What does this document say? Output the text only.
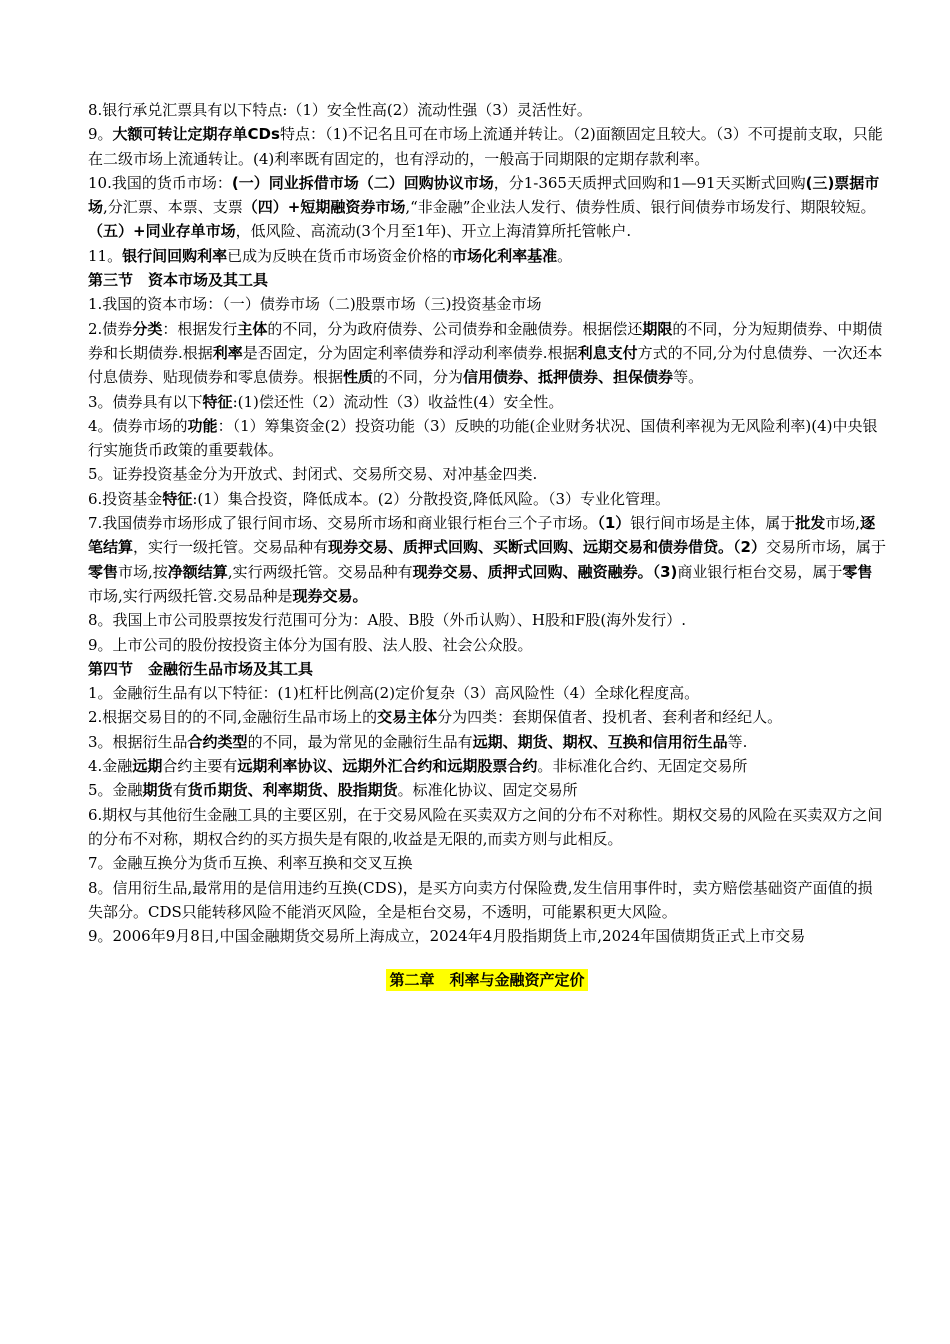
8.银行承兑汇票具有以下特点:（1）安全性高(2）流动性强（3）灵活性好。

9。大额可转让定期存单CDs特点：（1)不记名且可在市场上流通并转让。（2)面额固定且较大。（3）不可提前支取，只能在二级市场上流通转让。(4)利率既有固定的，也有浮动的，一般高于同期限的定期存款利率。

10.我国的货币市场：(一）同业拆借市场（二）回购协议市场，分1-365天质押式回购和1—91天买断式回购(三)票据市场,分汇票、本票、支票（四）+短期融资券市场,“非金融”企业法人发行、债券性质、银行间债券市场发行、期限较短。（五）+同业存单市场，低风险、高流动(3个月至1年)、开立上海清算所托管帐户.

11。银行间回购利率已成为反映在货币市场资金价格的市场化利率基准。

第三节　资本市场及其工具

1.我国的资本市场：（一）债券市场（二)股票市场（三)投资基金市场

2.债券分类：根据发行主体的不同，分为政府债券、公司债券和金融债券。根据偿还期限的不同，分为短期债券、中期债券和长期债券.根据利率是否固定，分为固定利率债券和浮动利率债券.根据利息支付方式的不同,分为付息债券、一次还本付息债券、贴现债券和零息债券。根据性质的不同，分为信用债券、抵押债券、担保债券等。

3。债券具有以下特征:(1)偿还性（2）流动性（3）收益性(4）安全性。

4。债券市场的功能：（1）筹集资金(2）投资功能（3）反映的功能(企业财务状况、国债利率视为无风险利率)(4)中央银行实施货币政策的重要载体。

5。证券投资基金分为开放式、封闭式、交易所交易、对冲基金四类.

6.投资基金特征:(1）集合投资，降低成本。(2）分散投资,降低风险。（3）专业化管理。

7.我国债券市场形成了银行间市场、交易所市场和商业银行柜台三个子市场。（1）银行间市场是主体，属于批发市场,逐笔结算，实行一级托管。交易品种有现券交易、质押式回购、买断式回购、远期交易和债券借贷。（2）交易所市场，属于零售市场,按净额结算,实行两级托管。交易品种有现券交易、质押式回购、融资融券。（3)商业银行柜台交易，属于零售市场,实行两级托管.交易品种是现券交易。

8。我国上市公司股票按发行范围可分为：A股、B股（外币认购）、H股和F股(海外发行）.

9。上市公司的股份按投资主体分为国有股、法人股、社会公众股。

第四节　金融衍生品市场及其工具

1。金融衍生品有以下特征：(1)杠杆比例高(2)定价复杂（3）高风险性（4）全球化程度高。

2.根据交易目的的不同,金融衍生品市场上的交易主体分为四类：套期保值者、投机者、套利者和经纪人。

3。根据衍生品合约类型的不同，最为常见的金融衍生品有远期、期货、期权、互换和信用衍生品等.

4.金融远期合约主要有远期利率协议、远期外汇合约和远期股票合约。非标准化合约、无固定交易所

5。金融期货有货币期货、利率期货、股指期货。标准化协议、固定交易所

6.期权与其他衍生金融工具的主要区别，在于交易风险在买卖双方之间的分布不对称性。期权交易的风险在买卖双方之间的分布不对称，期权合约的买方损失是有限的,收益是无限的,而卖方则与此相反。

7。金融互换分为货币互换、利率互换和交叉互换

8。信用衍生品,最常用的是信用违约互换(CDS)，是买方向卖方付保险费,发生信用事件时，卖方赔偿基础资产面值的损失部分。CDS只能转移风险不能消灭风险，全是柜台交易，不透明，可能累积更大风险。

9。2006年9月8日,中国金融期货交易所上海成立，2024年4月股指期货上市,2024年国债期货正式上市交易

第二章　利率与金融资产定价
